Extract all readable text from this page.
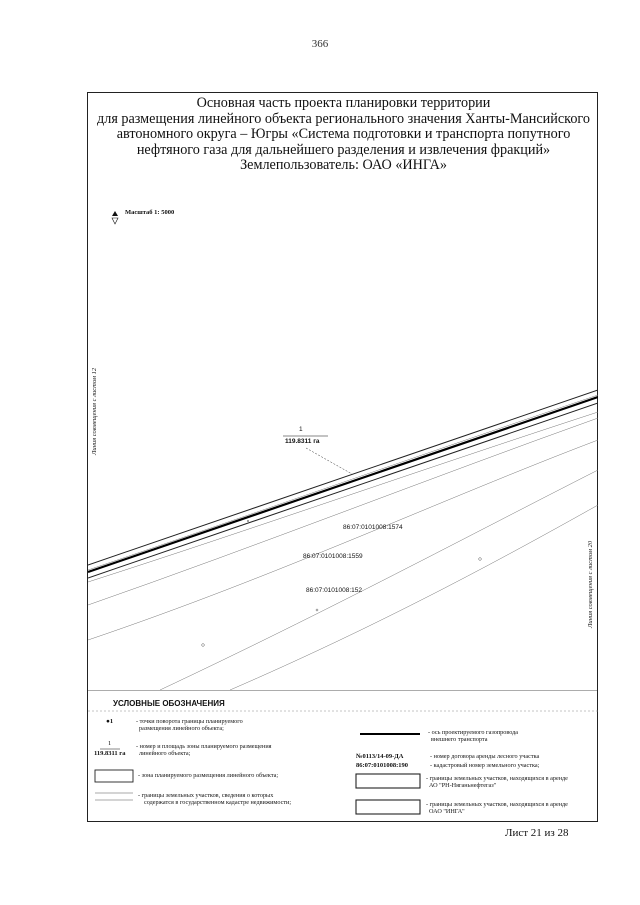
366
Основная часть проекта планировки территории
для размещения линейного объекта регионального значения Ханты-Мансийского
автономного округа – Югры «Система подготовки и транспорта попутного
нефтяного газа для дальнейшего разделения и извлечения фракций»
Землепользователь: ОАО «ИНГА»
Масштаб 1: 5000
Линия совмещения с листом 12
Линия совмещения с листом 20
1
119.8311 га
86:07:0101008:1574
86:07:0101008:1559
86:07:0101008:152
УСЛОВНЫЕ ОБОЗНАЧЕНИЯ
●1	- точки поворота границы планируемого
размещения линейного объекта;
1
119.8311 га
- номер и площадь зоны планируемого размещения
линейного объекта;
- зона планируемого размещения линейного объекта;
- границы земельных участков, сведения о которых
содержатся в государственном кадастре недвижимости;
- ось проектируемого газопровода
внешнего транспорта
№0113/14-09-ДА	- номер договора аренды лесного участка
86:07:0101008:190	- кадастровый номер земельного участка;
- границы земельных участков, находящихся в аренде
АО "РН-Няганьнефтегаз"
- границы земельных участков, находящихся в аренде
ОАО "ИНГА"
Лист 21 из 28
